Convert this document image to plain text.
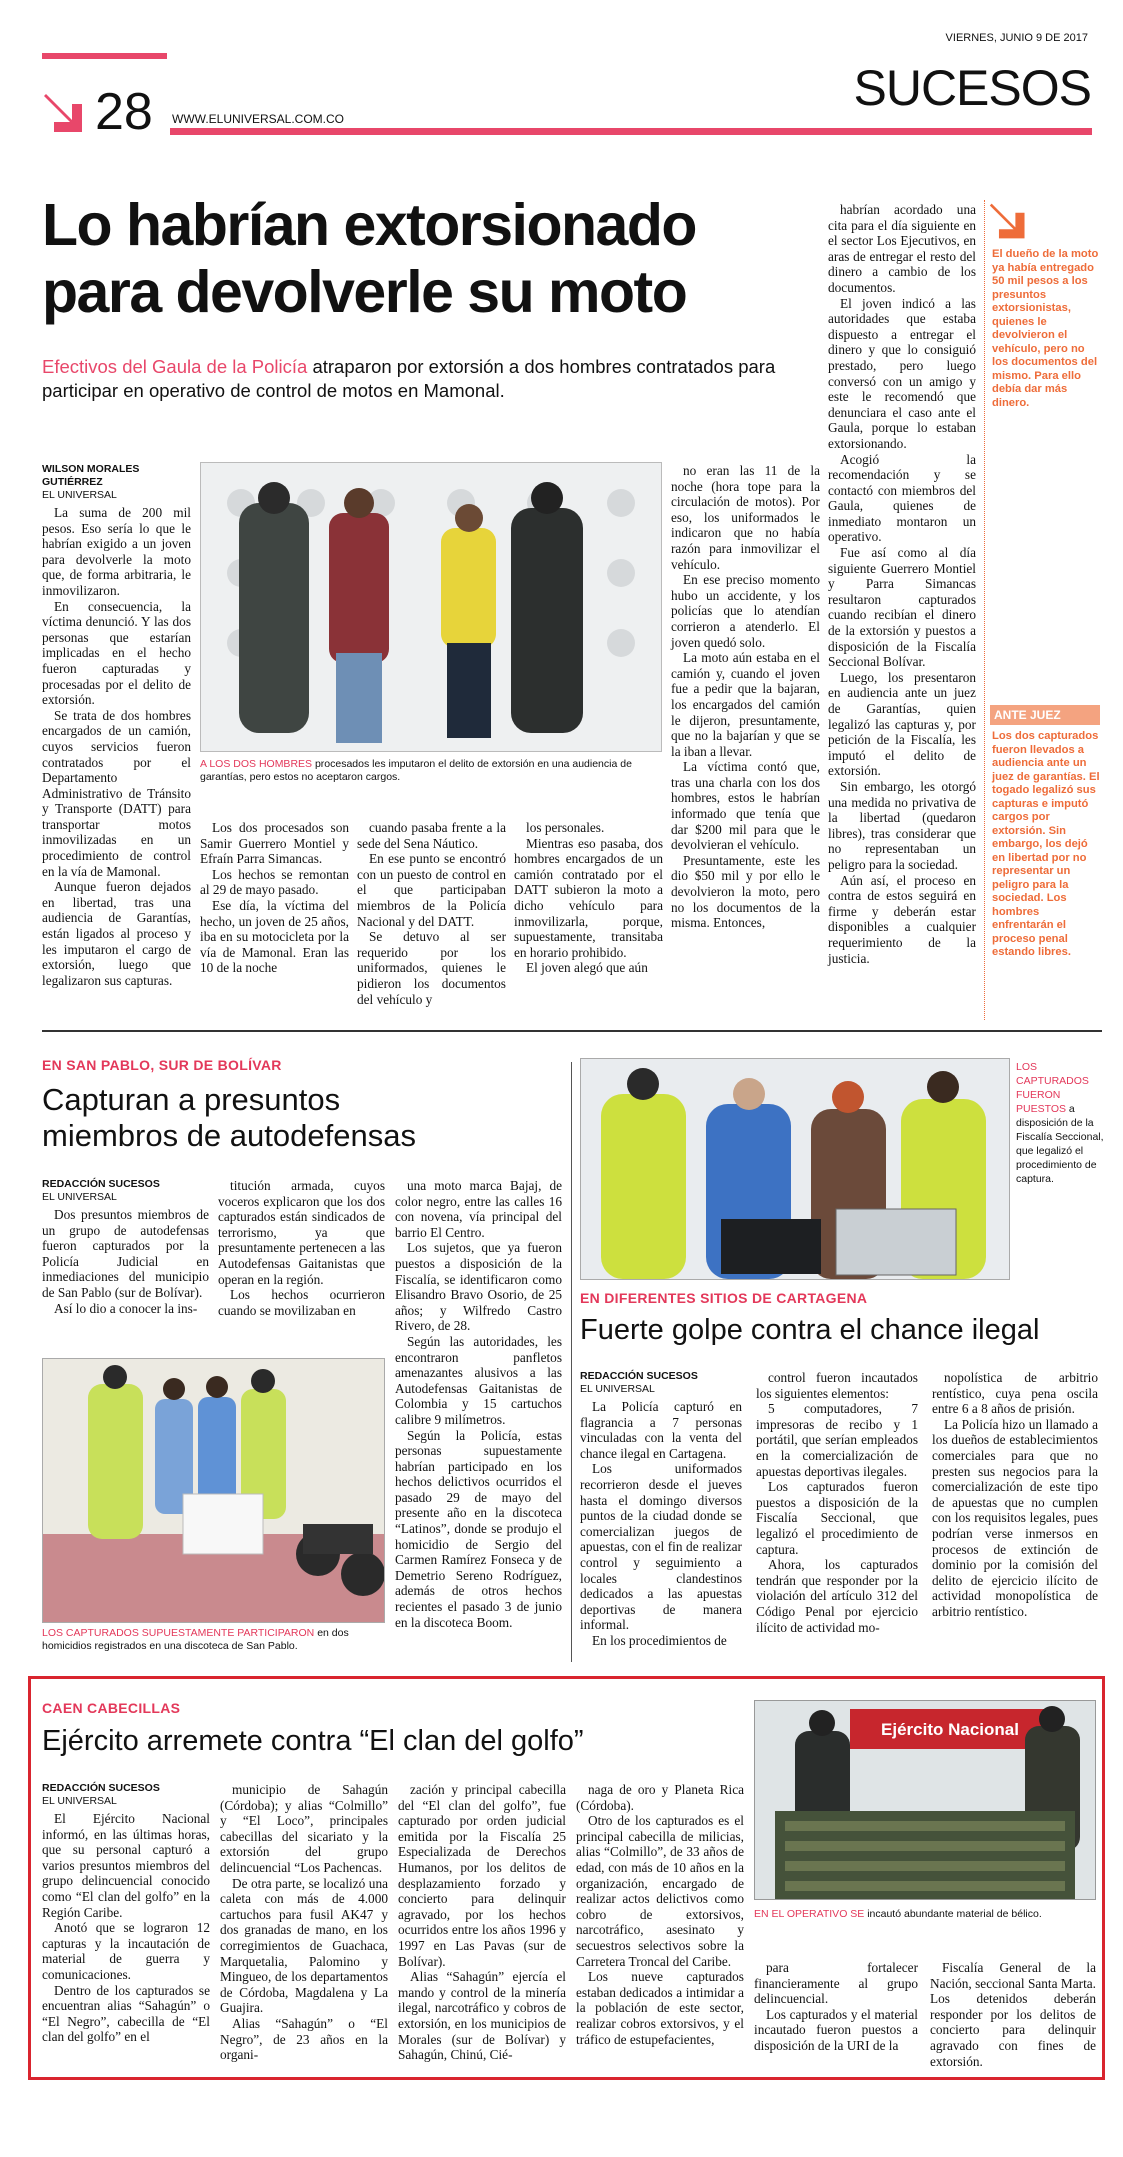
VIERNES, JUNIO 9 DE 2017
28	SUCESOS
WWW.ELUNIVERSAL.COM.CO
Lo habrían extorsionado
para devolverle su moto
Efectivos del Gaula de la Policía atraparon por extorsión a dos hombres contratados para participar en operativo de control de motos en Mamonal.
WILSON MORALES GUTIÉRREZ
EL UNIVERSAL

La suma de 200 mil pesos. Eso sería lo que le habrían exigido a un joven para devolverle la moto que, de forma arbitraria, le inmovilizaron.

En consecuencia, la víctima denunció. Y las dos personas que estarían implicadas en el hecho fueron capturadas y procesadas por el delito de extorsión.

Se trata de dos hombres encargados de un camión, cuyos servicios fueron contratados por el Departamento Administrativo de Tránsito y Transporte (DATT) para transportar motos inmovilizadas en un procedimiento de control en la vía de Mamonal.

Aunque fueron dejados en libertad, tras una audiencia de Garantías, están ligados al proceso y les imputaron el cargo de extorsión, luego que legalizaron sus capturas.

A LOS DOS HOMBRES procesados les imputaron el delito de extorsión en una audiencia de garantías, pero estos no aceptaron cargos.

Los dos procesados son Samir Guerrero Montiel y Efraín Parra Simancas.

Los hechos se remontan al 29 de mayo pasado.

Ese día, la víctima del hecho, un joven de 25 años, iba en su motocicleta por la vía de Mamonal. Eran las 10 de la noche

cuando pasaba frente a la sede del Sena Náutico.

En ese punto se encontró con un puesto de control en el que participaban miembros de la Policía Nacional y del DATT.

Se detuvo al ser requerido por los uniformados, quienes le pidieron los documentos del vehículo y

los personales.

Mientras eso pasaba, dos hombres encargados de un camión contratado por el DATT subieron la moto a dicho vehículo para inmovilizarla, porque, supuestamente, transitaba en horario prohibido.

El joven alegó que aún

no eran las 11 de la noche (hora tope para la circulación de motos). Por eso, los uniformados le indicaron que no había razón para inmovilizar el vehículo.

En ese preciso momento hubo un accidente, y los policías que lo atendían corrieron a atenderlo. El joven quedó solo.

La moto aún estaba en el camión y, cuando el joven fue a pedir que la bajaran, los encargados del camión le dijeron, presuntamente, que no la bajarían y que se la iban a llevar.

La víctima contó que, tras una charla con los dos hombres, estos le habrían informado que tenía que dar $200 mil para que le devolvieran el vehículo.

Presuntamente, este les dio $50 mil y por ello le devolvieron la moto, pero no los documentos de la misma. Entonces,

habrían acordado una cita para el día siguiente en el sector Los Ejecutivos, en aras de entregar el resto del dinero a cambio de los documentos.

El joven indicó a las autoridades que estaba dispuesto a entregar el dinero y que lo consiguió prestado, pero luego conversó con un amigo y este le recomendó que denunciara el caso ante el Gaula, porque lo estaban extorsionando.

Acogió la recomendación y se contactó con miembros del Gaula, quienes de inmediato montaron un operativo.

Fue así como al día siguiente Guerrero Montiel y Parra Simancas resultaron capturados cuando recibían el dinero de la extorsión y puestos a disposición de la Fiscalía Seccional Bolívar.

Luego, los presentaron en audiencia ante un juez de Garantías, quien legalizó las capturas y, por petición de la Fiscalía, les imputó el delito de extorsión.

Sin embargo, les otorgó una medida no privativa de la libertad (quedaron libres), tras considerar que no representaban un peligro para la sociedad.

Aún así, el proceso en contra de estos seguirá en firme y deberán estar disponibles a cualquier requerimiento de la justicia.

El dueño de la moto ya había entregado 50 mil pesos a los presuntos extorsionistas, quienes le devolvieron el vehículo, pero no los documentos del mismo. Para ello debía dar más dinero.
ANTE JUEZ
Los dos capturados fueron llevados a audiencia ante un juez de garantías. El togado legalizó sus capturas e imputó cargos por extorsión. Sin embargo, los dejó en libertad por no representar un peligro para la sociedad. Los hombres enfrentarán el proceso penal estando libres.
EN SAN PABLO, SUR DE BOLÍVAR
Capturan a presuntos
miembros de autodefensas
REDACCIÓN SUCESOS
EL UNIVERSAL

Dos presuntos miembros de un grupo de autodefensas fueron capturados por la Policía Judicial en inmediaciones del municipio de San Pablo (sur de Bolívar).

Así lo dio a conocer la ins-

titución armada, cuyos voceros explicaron que los dos capturados están sindicados de terrorismo, ya que presuntamente pertenecen a las Autodefensas Gaitanistas que operan en la región.

Los hechos ocurrieron cuando se movilizaban en

una moto marca Bajaj, de color negro, entre las calles 16 con novena, vía principal del barrio El Centro.

Los sujetos, que ya fueron puestos a disposición de la Fiscalía, se identificaron como Elisandro Bravo Osorio, de 25 años; y Wilfredo Castro Rivero, de 28.

Según las autoridades, les encontraron panfletos amenazantes alusivos a las Autodefensas Gaitanistas de Colombia y 15 cartuchos calibre 9 milímetros.

Según la Policía, estas personas supuestamente habrían participado en los hechos delictivos ocurridos el pasado 29 de mayo del presente año en la discoteca “Latinos”, donde se produjo el homicidio de Sergio del Carmen Ramírez Fonseca y de Demetrio Sereno Rodríguez, además de otros hechos recientes el pasado 3 de junio en la discoteca Boom.

LOS CAPTURADOS SUPUESTAMENTE PARTICIPARON en dos homicidios registrados en una discoteca de San Pablo.
LOS CAPTURADOS FUERON PUESTOS a disposición de la Fiscalía Seccional, que legalizó el procedimiento de captura.
EN DIFERENTES SITIOS DE CARTAGENA
Fuerte golpe contra el chance ilegal
REDACCIÓN SUCESOS
EL UNIVERSAL

La Policía capturó en flagrancia a 7 personas vinculadas con la venta del chance ilegal en Cartagena.

Los uniformados recorrieron desde el jueves hasta el domingo diversos puntos de la ciudad donde se comercializan juegos de apuestas, con el fin de realizar control y seguimiento a locales clandestinos dedicados a las apuestas deportivas de manera informal.

En los procedimientos de

control fueron incautados los siguientes elementos:

5 computadores, 7 impresoras de recibo y 1 portátil, que serían empleados en la comercialización de apuestas deportivas ilegales.

Los capturados fueron puestos a disposición de la Fiscalía Seccional, que legalizó el procedimiento de captura.

Ahora, los capturados tendrán que responder por la violación del artículo 312 del Código Penal por ejercicio ilícito de actividad mo-

nopolística de arbitrio rentístico, cuya pena oscila entre 6 a 8 años de prisión.

La Policía hizo un llamado a los dueños de establecimientos comerciales para que no presten sus negocios para la comercialización de este tipo de apuestas que no cumplen con los requisitos legales, pues podrían verse inmersos en procesos de extinción de dominio por la comisión del delito de ejercicio ilícito de actividad monopolística de arbitrio rentístico.

CAEN CABECILLAS
Ejército arremete contra “El clan del golfo”
REDACCIÓN SUCESOS
EL UNIVERSAL

El Ejército Nacional informó, en las últimas horas, que su personal capturó a varios presuntos miembros del grupo delincuencial conocido como “El clan del golfo” en la Región Caribe.

Anotó que se lograron 12 capturas y la incautación de material de guerra y comunicaciones.

Dentro de los capturados se encuentran alias “Sahagún” o “El Negro”, cabecilla de “El clan del golfo” en el

municipio de Sahagún (Córdoba); y alias “Colmillo” y “El Loco”, principales cabecillas del sicariato y la extorsión del grupo delincuencial “Los Pachencas.

De otra parte, se localizó una caleta con más de 4.000 cartuchos para fusil AK47 y dos granadas de mano, en los corregimientos de Guachaca, Marquetalia, Palomino y Mingueo, de los departamentos de Córdoba, Magdalena y La Guajira.

Alias “Sahagún” o “El Negro”, de 23 años en la organi-

zación y principal cabecilla del “El clan del golfo”, fue capturado por orden judicial emitida por la Fiscalía 25 Especializada de Derechos Humanos, por los delitos de desplazamiento forzado y concierto para delinquir agravado, por los hechos ocurridos entre los años 1996 y 1997 en Las Pavas (sur de Bolívar).

Alias “Sahagún” ejercía el mando y control de la minería ilegal, narcotráfico y cobros de extorsión, en los municipios de Morales (sur de Bolívar) y Sahagún, Chinú, Cié-

naga de oro y Planeta Rica (Córdoba).

Otro de los capturados es el principal cabecilla de milicias, alias “Colmillo”, de 33 años de edad, con más de 10 años en la organización, encargado de realizar actos delictivos como cobro de extorsivos, narcotráfico, asesinato y secuestros selectivos sobre la Carretera Troncal del Caribe.

Los nueve capturados estaban dedicados a intimidar a la población de este sector, realizar cobros extorsivos, y el tráfico de estupefacientes,

Ejército Nacional
EN EL OPERATIVO SE incautó abundante material de bélico.

para fortalecer financieramente al grupo delincuencial.

Los capturados y el material incautado fueron puestos a disposición de la URI de la

Fiscalía General de la Nación, seccional Santa Marta. Los detenidos deberán responder por los delitos de concierto para delinquir agravado con fines de extorsión.
